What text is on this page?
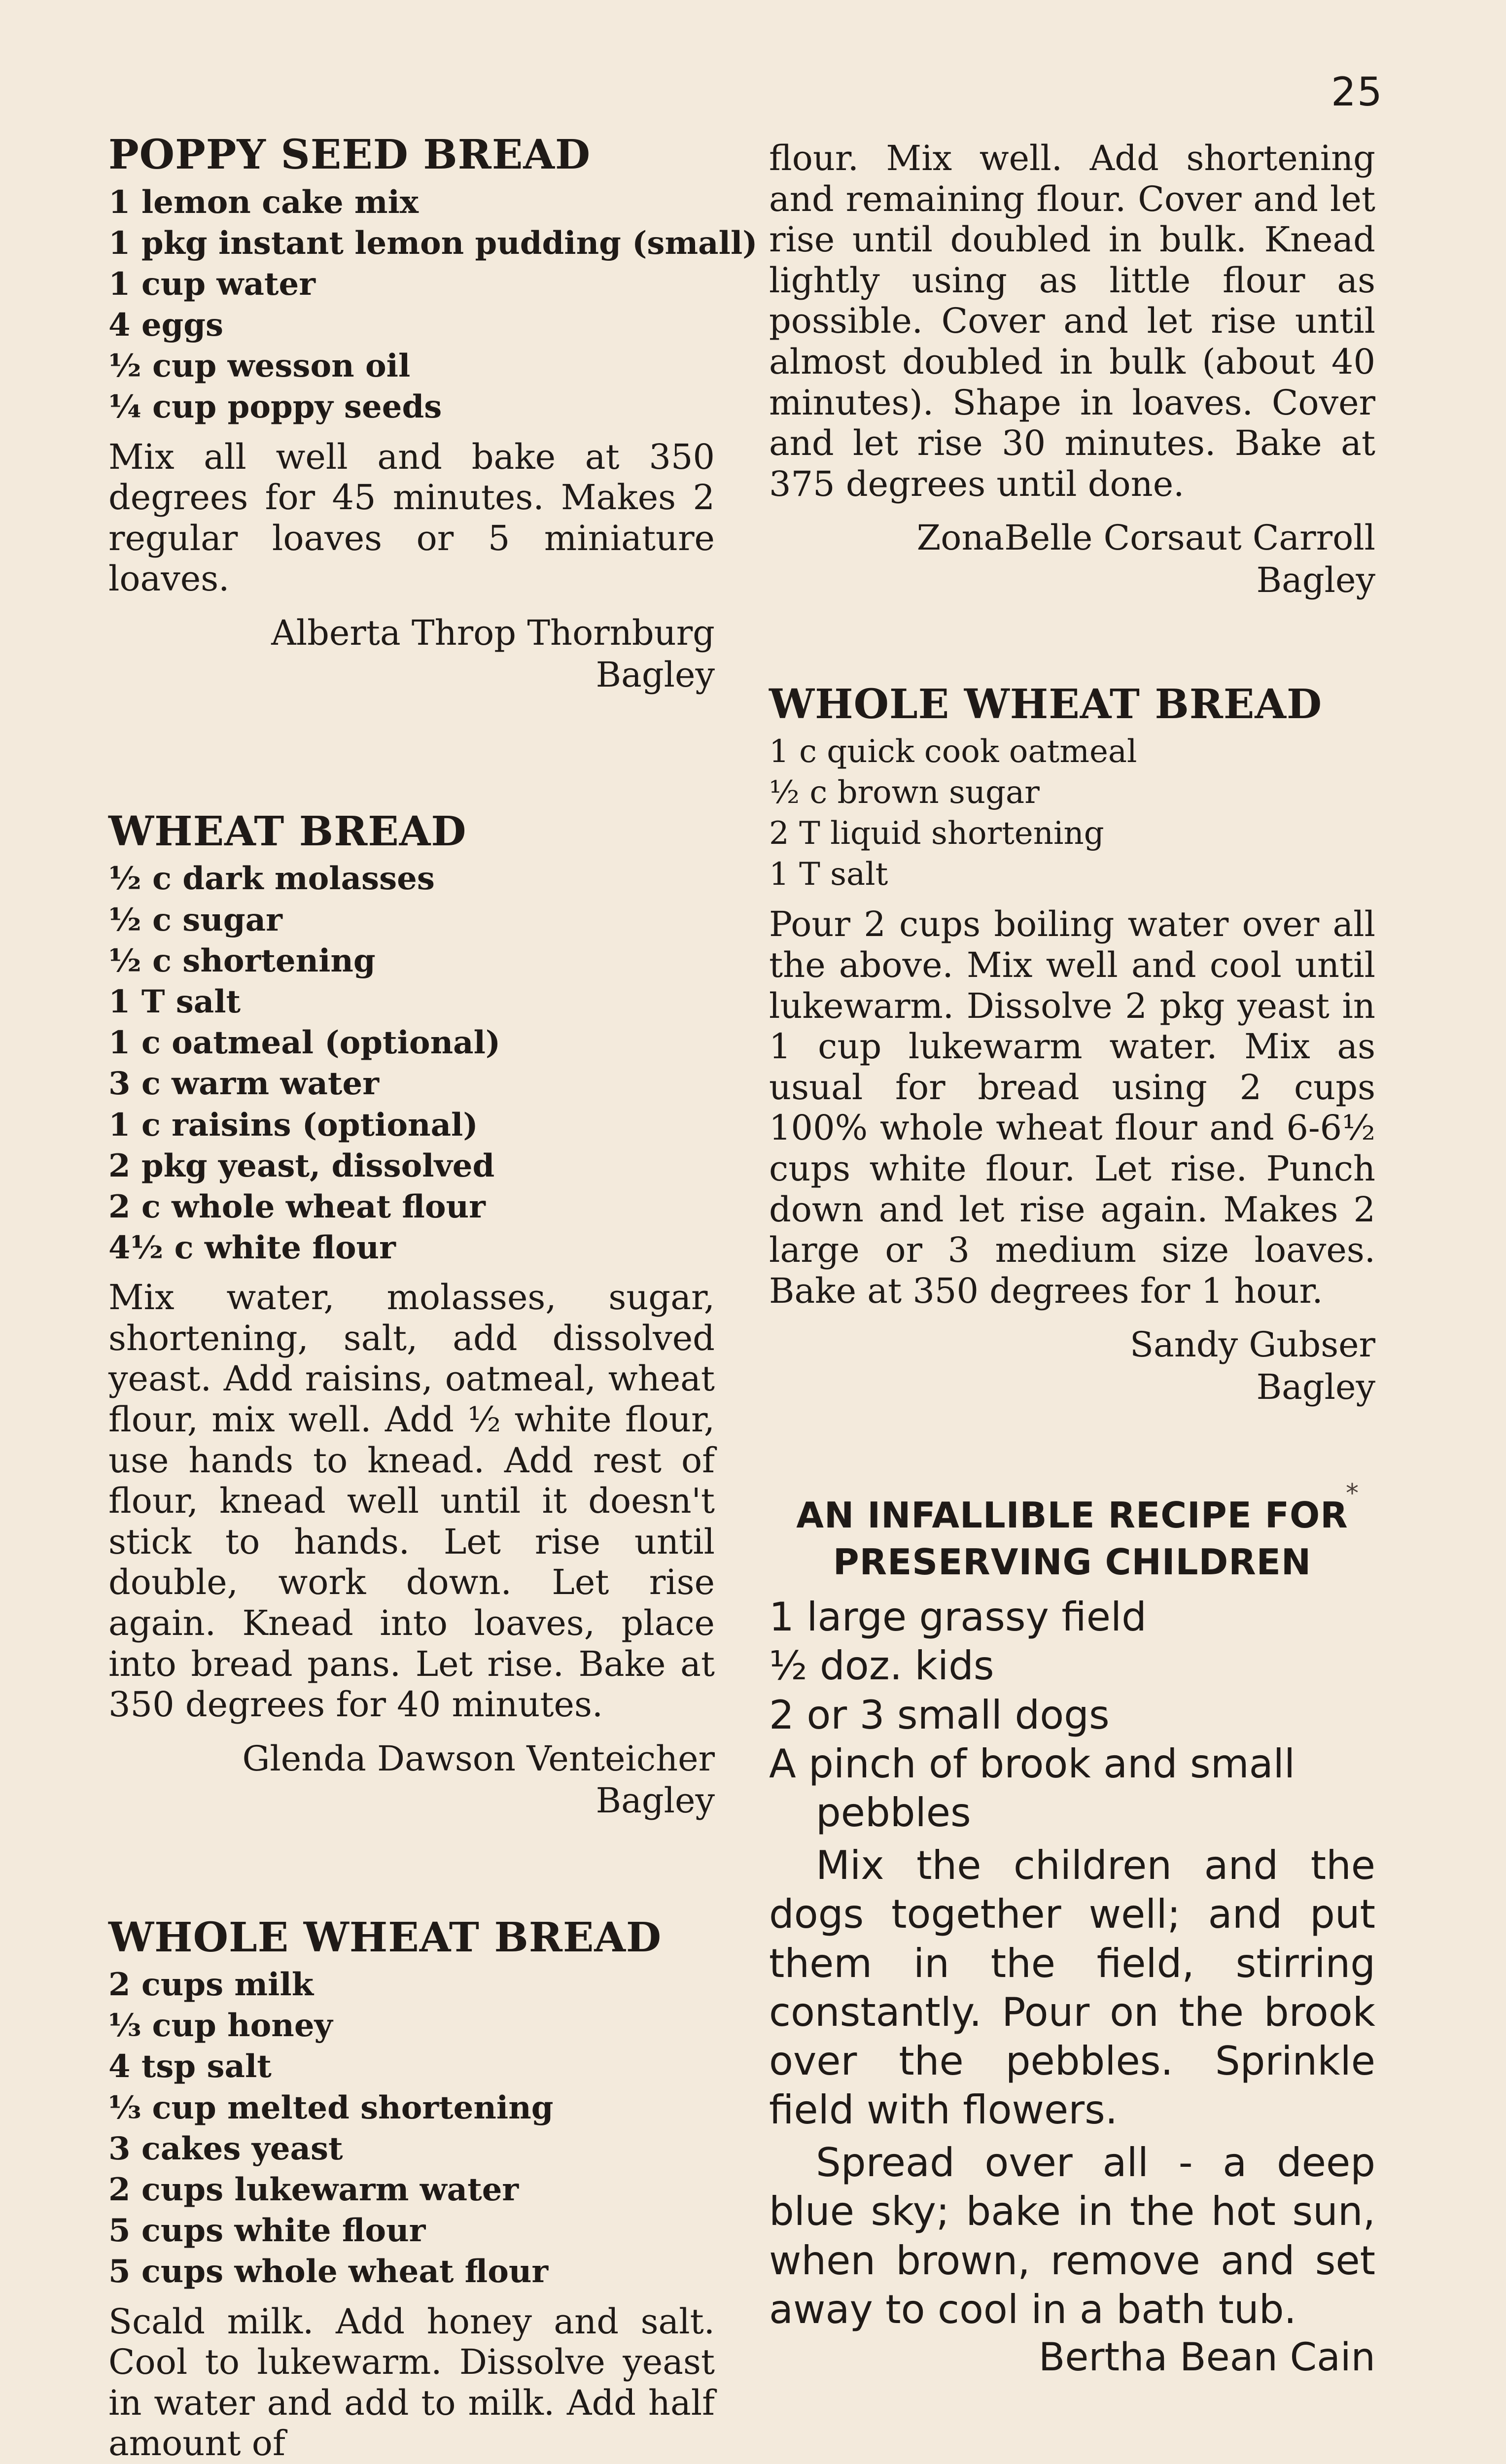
25
POPPY SEED BREAD
1 lemon cake mix
1 pkg instant lemon pudding (small)
1 cup water
4 eggs
½ cup wesson oil
¼ cup poppy seeds

Mix all well and bake at 350 degrees for 45 minutes. Makes 2 regular loaves or 5 miniature loaves.

Alberta Throp Thornburg
Bagley
WHEAT BREAD
½ c dark molasses
½ c sugar
½ c shortening
1 T salt
1 c oatmeal (optional)
3 c warm water
1 c raisins (optional)
2 pkg yeast, dissolved
2 c whole wheat flour
4½ c white flour

Mix water, molasses, sugar, shortening, salt, add dissolved yeast. Add raisins, oatmeal, wheat flour, mix well. Add ½ white flour, use hands to knead. Add rest of flour, knead well until it doesn't stick to hands. Let rise until double, work down. Let rise again. Knead into loaves, place into bread pans. Let rise. Bake at 350 degrees for 40 minutes.

Glenda Dawson Venteicher
Bagley
WHOLE WHEAT BREAD
2 cups milk
⅓ cup honey
4 tsp salt
⅓ cup melted shortening
3 cakes yeast
2 cups lukewarm water
5 cups white flour
5 cups whole wheat flour

Scald milk. Add honey and salt. Cool to lukewarm. Dissolve yeast in water and add to milk. Add half amount of

flour. Mix well. Add shortening and remaining flour. Cover and let rise until doubled in bulk. Knead lightly using as little flour as possible. Cover and let rise until almost doubled in bulk (about 40 minutes). Shape in loaves. Cover and let rise 30 minutes. Bake at 375 degrees until done.

ZonaBelle Corsaut Carroll
Bagley
WHOLE WHEAT BREAD
1 c quick cook oatmeal
½ c brown sugar
2 T liquid shortening
1 T salt

Pour 2 cups boiling water over all the above. Mix well and cool until lukewarm. Dissolve 2 pkg yeast in 1 cup lukewarm water. Mix as usual for bread using 2 cups 100% whole wheat flour and 6-6½ cups white flour. Let rise. Punch down and let rise again. Makes 2 large or 3 medium size loaves. Bake at 350 degrees for 1 hour.

Sandy Gubser
Bagley
AN INFALLIBLE RECIPE FOR
PRESERVING CHILDREN
1 large grassy field
½ doz. kids
2 or 3 small dogs
A pinch of brook and small pebbles

Mix the children and the dogs together well; and put them in the field, stirring constantly. Pour on the brook over the pebbles. Sprinkle field with flowers.

Spread over all - a deep blue sky; bake in the hot sun, when brown, remove and set away to cool in a bath tub.

Bertha Bean Cain
*
